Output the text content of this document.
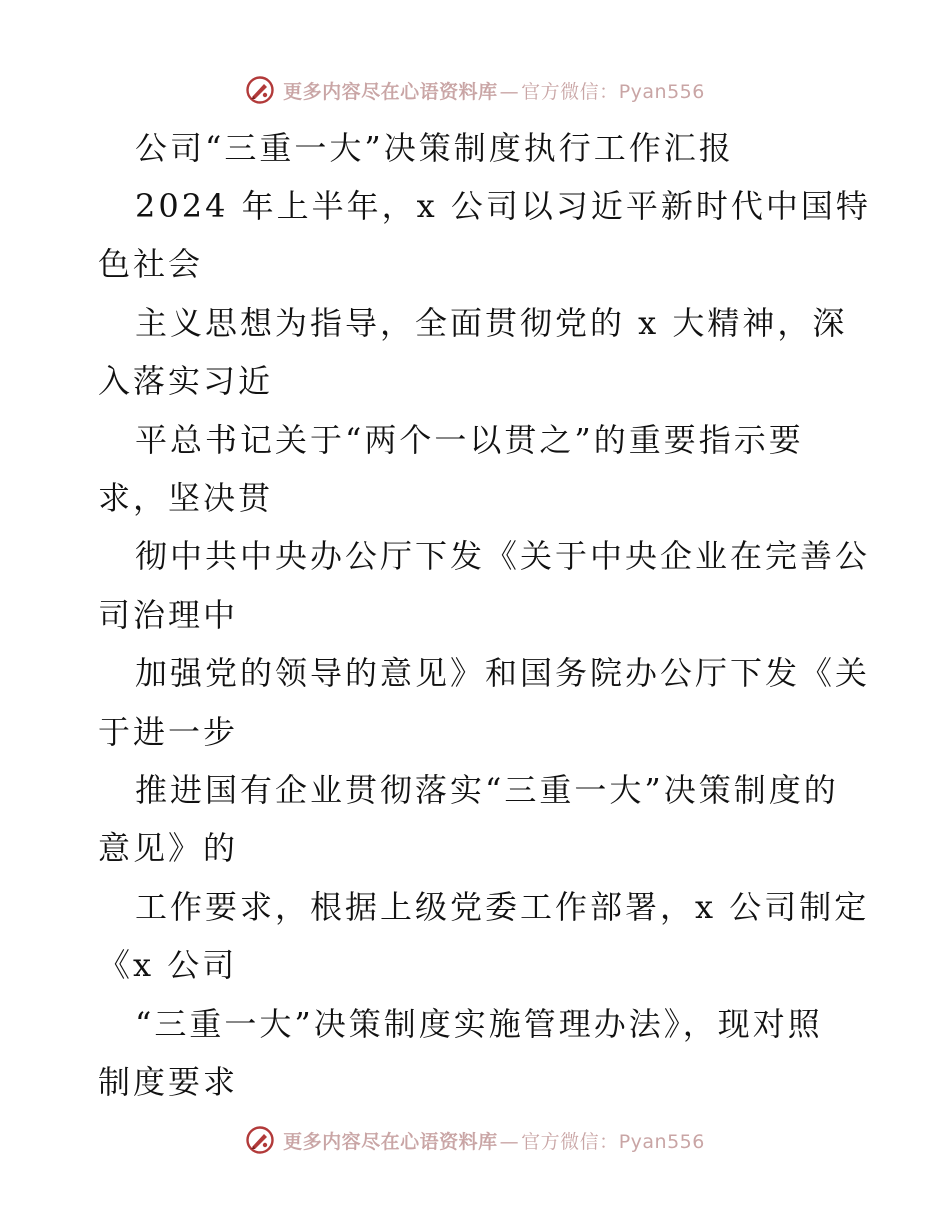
更多内容尽在心语资料库 — 官方微信：Pyan556
公司“三重一大”决策制度执行工作汇报
2024 年上半年，x 公司以习近平新时代中国特
色社会
主义思想为指导，全面贯彻党的 x 大精神，深
入落实习近
平总书记关于“两个一以贯之”的重要指示要
求，坚决贯
彻中共中央办公厅下发《关于中央企业在完善公
司治理中
加强党的领导的意见》和国务院办公厅下发《关
于进一步
推进国有企业贯彻落实“三重一大”决策制度的
意见》的
工作要求，根据上级党委工作部署，x 公司制定
《x 公司
“三重一大”决策制度实施管理办法》，现对照
制度要求
更多内容尽在心语资料库 — 官方微信：Pyan556
